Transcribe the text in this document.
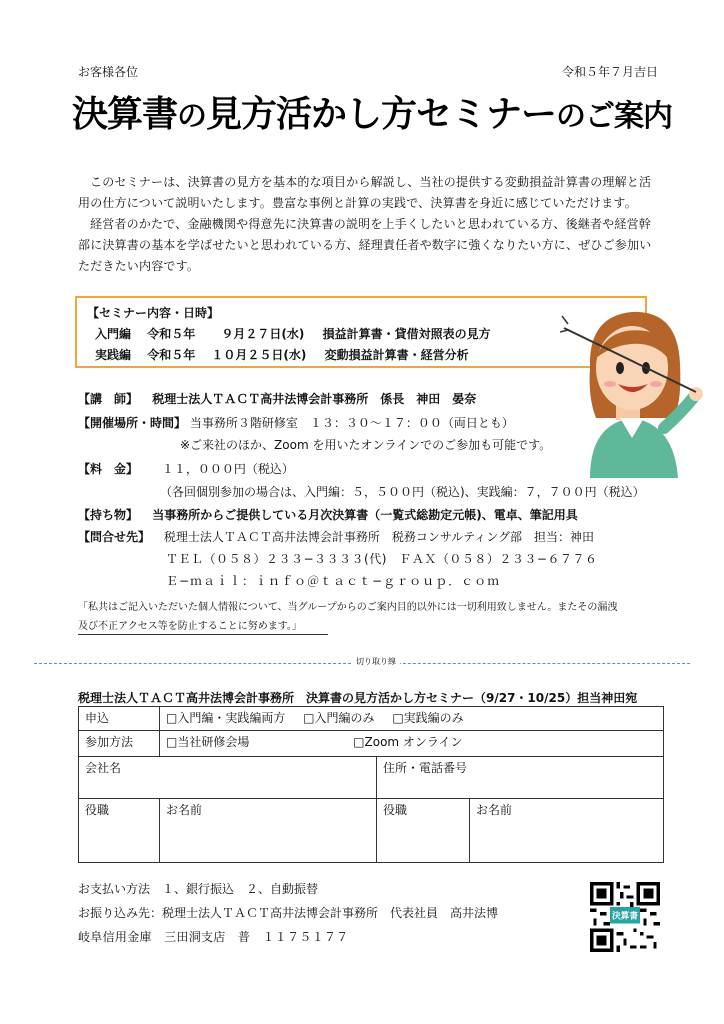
お客様各位	令和５年７月吉日
決算書の見方活かし方セミナーのご案内
このセミナーは、決算書の見方を基本的な項目から解説し、当社の提供する変動損益計算書の理解と活
用の仕方について説明いたします。豊富な事例と計算の実践で、決算書を身近に感じていただけます。
経営者のかたで、金融機関や得意先に決算書の説明を上手くしたいと思われている方、後継者や経営幹
部に決算書の基本を学ばせたいと思われている方、経理責任者や数字に強くなりたい方に、ぜひご参加い
ただきたい内容です。
【セミナー内容・日時】
入門編 令和５年 ９月２７日(水) 損益計算書・貸借対照表の見方
実践編 令和５年 １０月２５日(水) 変動損益計算書・経営分析
【講　師】 税理士法人ＴＡＣＴ高井法博会計事務所　係長　神田　晏奈
【開催場所・時間】 当事務所３階研修室　１３：３０～１７：００（両日とも）
※ご来社のほか、Zoom を用いたオンラインでのご参加も可能です。
【料　金】 １１，０００円（税込）
（各回個別参加の場合は、入門編：５，５００円（税込)、実践編：７，７００円（税込）
【持ち物】 当事務所からご提供している月次決算書（一覧式総勘定元帳)、電卓、筆記用具
【問合せ先】 税理士法人ＴＡＣＴ高井法博会計事務所　税務コンサルティング部　担当：神田
ＴＥＬ（０５８）２３３−３３３３(代)　ＦＡＸ（０５８）２３３−６７７６
Ｅ−ｍａｉｌ：ｉｎｆｏ＠ｔａｃｔ−ｇｒｏｕｐ．ｃｏｍ
「私共はご記入いただいた個人情報について、当グループからのご案内目的以外には一切利用致しません。またその漏洩
及び不正アクセス等を防止することに努めます。」
切り取り線
税理士法人ＴＡＣＴ高井法博会計事務所　決算書の見方活かし方セミナー（9/27・10/25）担当神田宛
申込	□入門編・実践編両方 □入門編のみ □実践編のみ		
参加方法	□当社研修会場 □Zoom オンライン		
会社名		住所・電話番号	
役職	お名前	役職	お名前
お支払い方法　１、銀行振込　２、自動振替
お振り込み先：税理士法人ＴＡＣＴ高井法博会計事務所　代表社員　高井法博
岐阜信用金庫　三田洞支店　普　１１７５１７７
決算書
